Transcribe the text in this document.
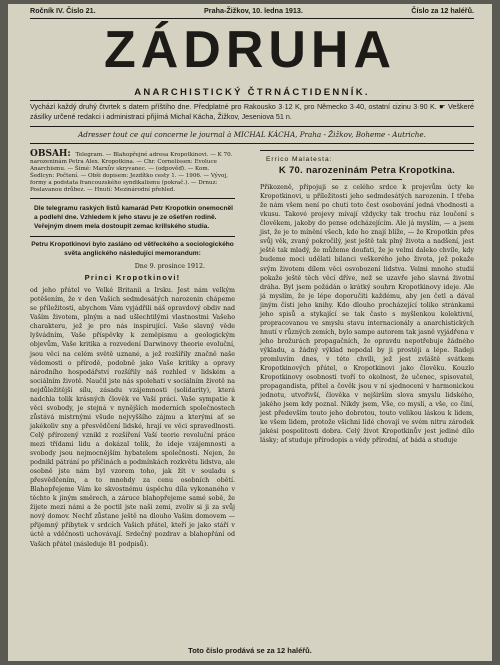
Ročník IV. Číslo 21.	Praha-Žižkov, 10. ledna 1913.	Číslo za 12 haléřů.
ZÁDRUHA
ANARCHISTICKÝ ČTRNÁCTIDENNÍK.
Vychází každý druhý čtvrtek s datem příštího dne. Předplatné pro Rakousko 3·12 K, pro Německo 3·40, ostatní cizinu 3·90 K. ☛ Veškeré zásilky určené redakci i administraci přijímá Michal Kácha, Žižkov, Jeseniova 51 n.
Adresser tout ce qui concerne le journal à MICHAL KÁCHA, Praha - Žižkov, Boheme - Autriche.
OBSAH: Telegram. — Blahopřejné adresa Kropotkinovi. — K 70. narozeninám Petra Alex. Kropotkina. — Chr. Cornelissen: Evoluce Anarchismu. — Šimé: Marxův skryvanec. — (odpověď). — Kom. Šedlcyn: Počtení. — Obši dopisem: Jezdítko cesty 1. — 1906. — Vývoj, formy a podstata francouzského syndikalismu (pokrač.). — Drnuz: Poslavanou drůbez. — Hnutí: Mezinárodní přehled.
Dle telegramu raských listů kamarád Petr Kropotkin onemocněl a podlehl dne. Vzhledem k jeho stavu je ze ošetřen rodině. Veřejným dnem mela dostoupit zemac krillského studia.
Petru Kropotkinovi bylo zasláno od větřeckého a sociologického světa anglického následující memorandum:
Dne 9. prosince 1912.
Princi Kropotkinovi!

od jeho přátel ve Velké Britanii a Irsku. Jest nám velkým potěšením, že v den Vašich sedmdesátých narozenin chápeme se příležitosti, abychom Vám vyjádřili náš opravdový obdiv nad Vaším životem, plným a nad ušlechtilými vlastnostmi Vašeho charakteru, jež je pro nás inspirující. Vaše slavný věde lyšvádním, Vaše příspěvky k zeměpismu a geologickým objevům, Vaše kritika a rozvedení Darwinovy theorie evoluční, jsou věci na celém světě uznané, a jež rozšířily značně naše vědomosti o přírodě, podobně jako Vaše kritiky a opravy národního hospodářství rozšířily náš rozhled v lidském a sociálním životě. Naučil jste nás spolehati v sociálním životě na nejdůležitější sílu, zásadu vzájemnosti (solidarity), která nadchla tolik krásných člověk ve Vaší práci. Vaše sympatie k věci svobody, je stejná v nynějších moderních společnostech zůstává mistrnými všude nejvyššího zájmu a kterými ať se jakékoliv sny a přesvědčení lidské, hrají ve věci spravedlnosti. Celý přírozený vznikl z rozšíření Vaší teorie revoluční práce mezi třídami lidu a dokázal tolik, že ideje vzájemnosti a svobody jsou nejmocnějším hybatelem společnosti. Nejen, že podnikl pátrání po příčinách a podmínkách rozkvětu lidstva, ale osobně jste nám byl vzorem toho, jak žít v souladu s přesvědčením, a to mnohdy za cenu osobních obětí. Blahopřejeme Vám ke skvostnému úspěchu díla vykonaného v těchto k jiným směrech, a záruce blahopřejeme samé sobě, že žijete mezi námi a že poctil jste naši zemi, zvoliv si ji za svůj nový domov. Nechť zůstane ještě na dlouho Vašim domovem — přijemný příbytek v srdcích Vašich přátel, kteří je jako stáří v úctě a vděčnosti uchovávají. Srdečný pozdrav a blahopřání od Vašich přátel (následuje 81 podpisů).

Errico Malatesta:
K 70. narozeninám Petra Kropotkina.

Přikozeně, připojuji se z celého srdce k projevům úcty ke Kropotkinovi, u příležitosti jeho sedmdesátých narozenin. I třeba že nám všem není po chuti toto čest osobování jedná vhodnosti a vkusu. Takové projevy mívají vždycky tak trochu ráz loučení s člověkem, jakoby do pense odcházejícím. Ale já myslím, — a jsem jist, že je to mínění všech, kdo ho znají blíže, — že Kropotkin přes svůj věk, zvaný pokročilý, jest ještě tak plný života a nadšení, jest ještě tak mladý, že můžeme doufati, že je velmi daleko chvíle, kdy budeme moci udělati bilanci veškerého jeho života, jež pokaže svým životem dílem věci osvobození lidstva. Velmi mnoho studií pokaže ještě těch věcí dříve, než se uzavře jeho slavná životní dráha. Byl jsem požádán o krátký souhrn Kropotkinovy ideje. Ale já myslím, že je lépe doporučiti každému, aby jen četl a dával jiným čísti jeho knihy. Kdo dlouho procházející toliko stránkami jeho spisů a stykající se tak často s myšlenkou kolektivní, propracovanou ve smyslu stavu internacionály a anarchistických hnutí v různých zemích, bylo sampe autorem tak jasně vyjádřena v jeho brožurách propagačních, že opravdu nepotřebuje žádného výkladu, a žádný výklad nepodal by ji prostěji a lépe. Radeji promluvím dnes, v této chvíli, jež jest zvláště svátkem Kropotkinových přátel, o Kropotkinovi jako člověku. Kouzlo Kropotkinovy osobnosti tvoří to okolnost, že učenec, spisovatel, propagandista, přítel a čověk jsou v ní sjednoceni v harmonickou jednotu, utvořivší, člověka v nejširším slova smyslu lidského, jakého jsem kdy poznal. Nikdy jsem, Vše, co myslí, a vše, co činí, jest především touto jeho dobrotou, touto velikou láskou k lidem, ke všem lidem, protože všichni lidé chovají ve svém nitru zárodek jakési pospolitosti dobra. Celý život Kropotkinův jest jediné dílo lásky; ať studuje přírodopis a vědy přírodní, ať bádá a studuje

Toto číslo prodává se za 12 haléřů.
